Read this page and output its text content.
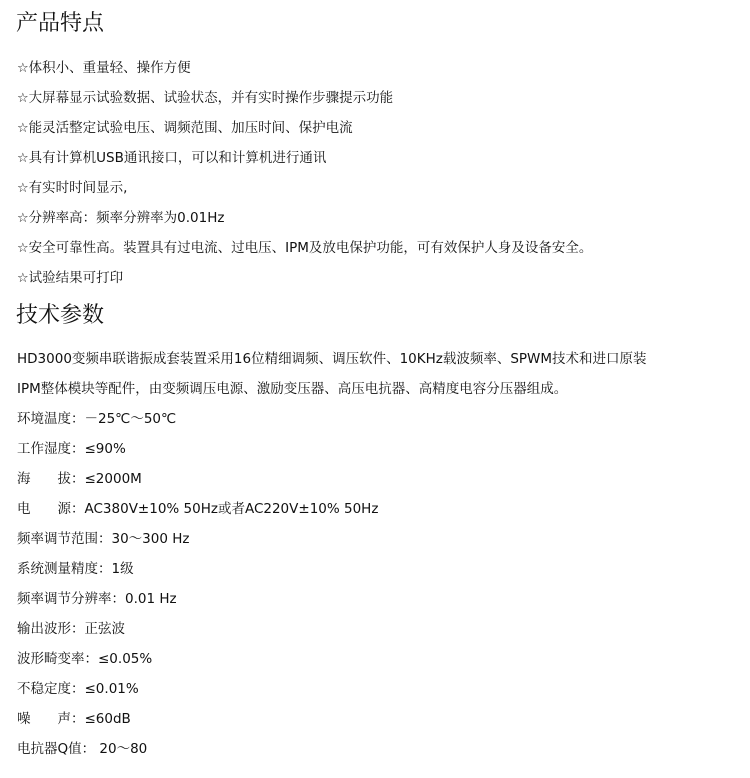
产品特点

☆体积小、重量轻、操作方便

☆大屏幕显示试验数据、试验状态，并有实时操作步骤提示功能

☆能灵活整定试验电压、调频范围、加压时间、保护电流

☆具有计算机USB通讯接口，可以和计算机进行通讯

☆有实时时间显示,

☆分辨率高：频率分辨率为0.01Hz

☆安全可靠性高。装置具有过电流、过电压、IPM及放电保护功能，可有效保护人身及设备安全。

☆试验结果可打印

技术参数

HD3000变频串联谐振成套装置采用16位精细调频、调压软件、10KHz载波频率、SPWM技术和进口原装

IPM整体模块等配件，由变频调压电源、激励变压器、高压电抗器、高精度电容分压器组成。

环境温度：－25℃～50℃

工作湿度：≤90%

海　　拔：≤2000M

电　　源：AC380V±10% 50Hz或者AC220V±10% 50Hz

频率调节范围：30～300 Hz

系统测量精度：1级

频率调节分辨率：0.01 Hz

输出波形：正弦波

波形畸变率：≤0.05%

不稳定度：≤0.01%

噪　　声：≤60dB

电抗器Q值： 20～80
